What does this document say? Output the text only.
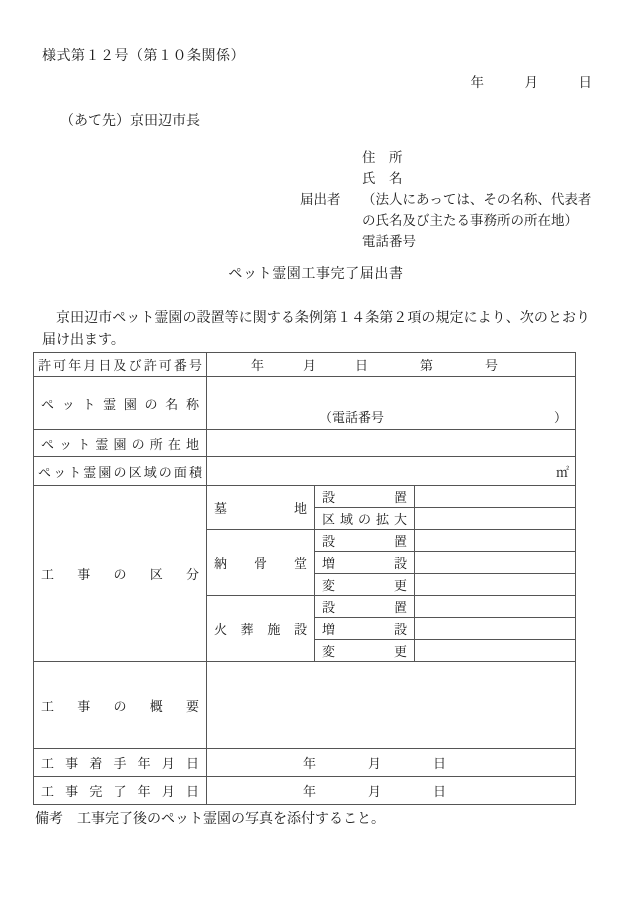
様式第１２号（第１０条関係）
年　　　月　　　日
（あて先）京田辺市長
住　所
氏　名
届出者	（法人にあっては、その名称、代表者
の氏名及び主たる事務所の所在地）
電話番号
ペット霊園工事完了届出書
京田辺市ペット霊園の設置等に関する条例第１４条第２項の規定により、次のとおり届け出ます。
許可年月日及び許可番号	年　　　月　　　日　　　　第　　　　号		
ペット霊園の名称	（電話番号 ）		

ペット霊園の所在地			
ペット霊園の区域の面積	㎡		
工事の区分	墓地	設置	
		区域の拡大	
	納骨堂	設置	
		増設	
		変更	
	火葬施設	設置	
		増設	
		変更	
工事の概要			
工事着手年月日	年　　　　月　　　　日		
工事完了年月日	年　　　　月　　　　日		
備考　工事完了後のペット霊園の写真を添付すること。
